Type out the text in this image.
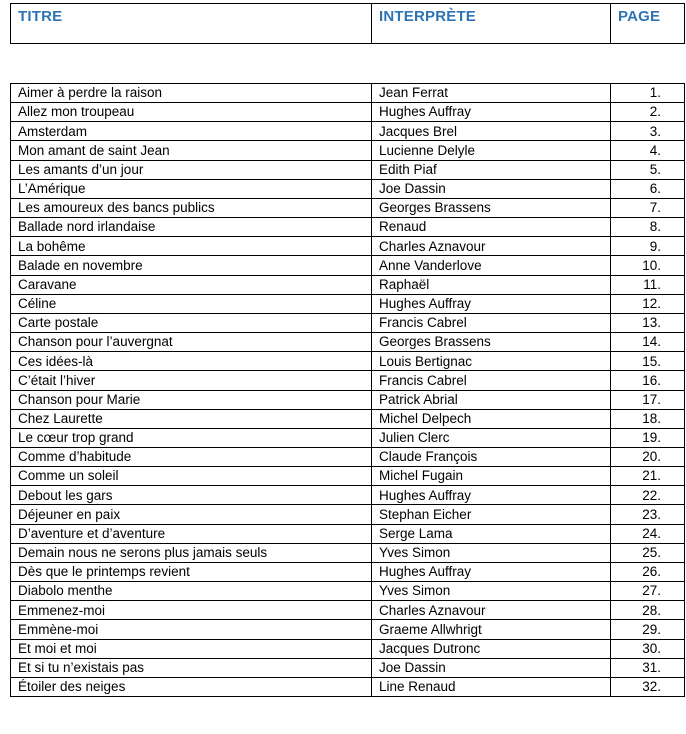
TITRE	INTERPRÈTE	PAGE
Aimer à perdre la raison	Jean Ferrat	1.
Allez mon troupeau	Hughes Auffray	2.
Amsterdam	Jacques Brel	3.
Mon amant de saint Jean	Lucienne Delyle	4.
Les amants d’un jour	Edith Piaf	5.
L’Amérique	Joe Dassin	6.
Les amoureux des bancs publics	Georges Brassens	7.
Ballade nord irlandaise	Renaud	8.
La bohême	Charles Aznavour	9.
Balade en novembre	Anne Vanderlove	10.
Caravane	Raphaël	11.
Céline	Hughes Auffray	12.
Carte postale	Francis Cabrel	13.
Chanson pour l’auvergnat	Georges Brassens	14.
Ces idées-là	Louis Bertignac	15.
C’était l’hiver	Francis Cabrel	16.
Chanson pour Marie	Patrick Abrial	17.
Chez Laurette	Michel Delpech	18.
Le cœur trop grand	Julien Clerc	19.
Comme d’habitude	Claude François	20.
Comme un soleil	Michel Fugain	21.
Debout les gars	Hughes Auffray	22.
Déjeuner en paix	Stephan Eicher	23.
D’aventure et d’aventure	Serge Lama	24.
Demain nous ne serons plus jamais seuls	Yves Simon	25.
Dès que le printemps revient	Hughes Auffray	26.
Diabolo menthe	Yves Simon	27.
Emmenez-moi	Charles Aznavour	28.
Emmène-moi	Graeme Allwhrigt	29.
Et moi et moi	Jacques Dutronc	30.
Et si tu n’existais pas	Joe Dassin	31.
Étoiler des neiges	Line Renaud	32.
